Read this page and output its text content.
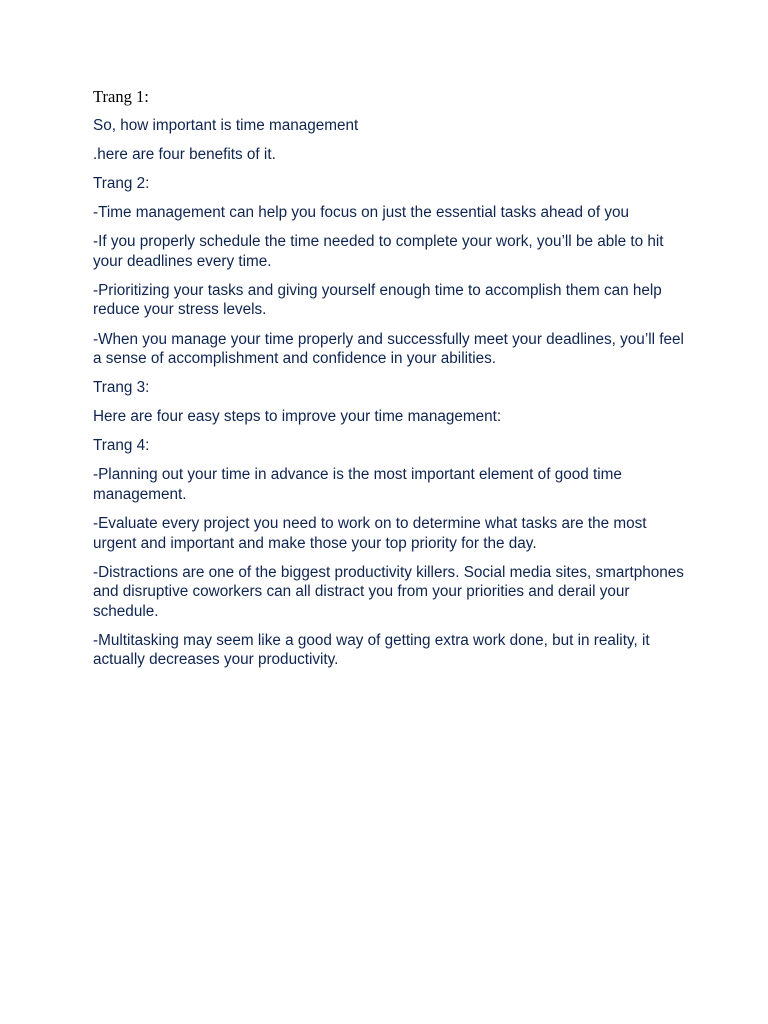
Trang 1:

So, how important is time management

.here are four benefits of it.

Trang 2:

-Time management can help you focus on just the essential tasks ahead of you

-If you properly schedule the time needed to complete your work, you’ll be able to hit your deadlines every time.

-Prioritizing your tasks and giving yourself enough time to accomplish them can help reduce your stress levels.

-When you manage your time properly and successfully meet your deadlines, you’ll feel a sense of accomplishment and confidence in your abilities.

Trang 3:

Here are four easy steps to improve your time management:

Trang 4:

-Planning out your time in advance is the most important element of good time management.

-Evaluate every project you need to work on to determine what tasks are the most urgent and important and make those your top priority for the day.

-Distractions are one of the biggest productivity killers. Social media sites, smartphones and disruptive coworkers can all distract you from your priorities and derail your schedule.

-Multitasking may seem like a good way of getting extra work done, but in reality, it actually decreases your productivity.
